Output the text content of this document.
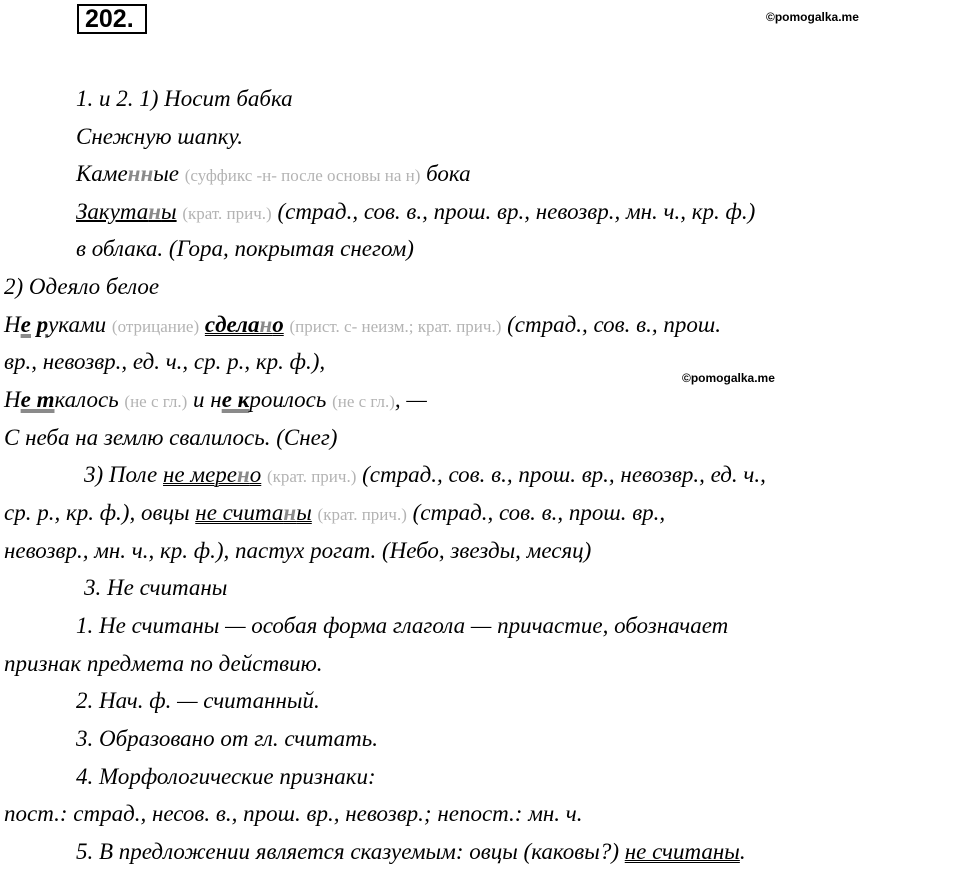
202.	©pomogalka.me
©pomogalka.me
1. и 2. 1) Носит бабка
Снежную шапку.
Каменные (суффикс -н- после основы на н) бока
Закутаны (крат. прич.) (страд., сов. в., прош. вр., невозвр., мн. ч., кр. ф.)
в облака. (Гора, покрытая снегом)
2) Одеяло белое
Не руками (отрицание) сделано (прист. с- неизм.; крат. прич.) (страд., сов. в., прош.
вр., невозвр., ед. ч., ср. р., кр. ф.),
Не ткалось (не с гл.) и не кроилось (не с гл.), —
С неба на землю свалилось. (Снег)
3) Поле не мерено (крат. прич.) (страд., сов. в., прош. вр., невозвр., ед. ч.,
ср. р., кр. ф.), овцы не считаны (крат. прич.) (страд., сов. в., прош. вр.,
невозвр., мн. ч., кр. ф.), пастух рогат. (Небо, звезды, месяц)
3. Не считаны
1. Не считаны — особая форма глагола — причастие, обозначает
признак предмета по действию.
2. Нач. ф. — считанный.
3. Образовано от гл. считать.
4. Морфологические признаки:
пост.: страд., несов. в., прош. вр., невозвр.; непост.: мн. ч.
5. В предложении является сказуемым: овцы (каковы?) не считаны.
